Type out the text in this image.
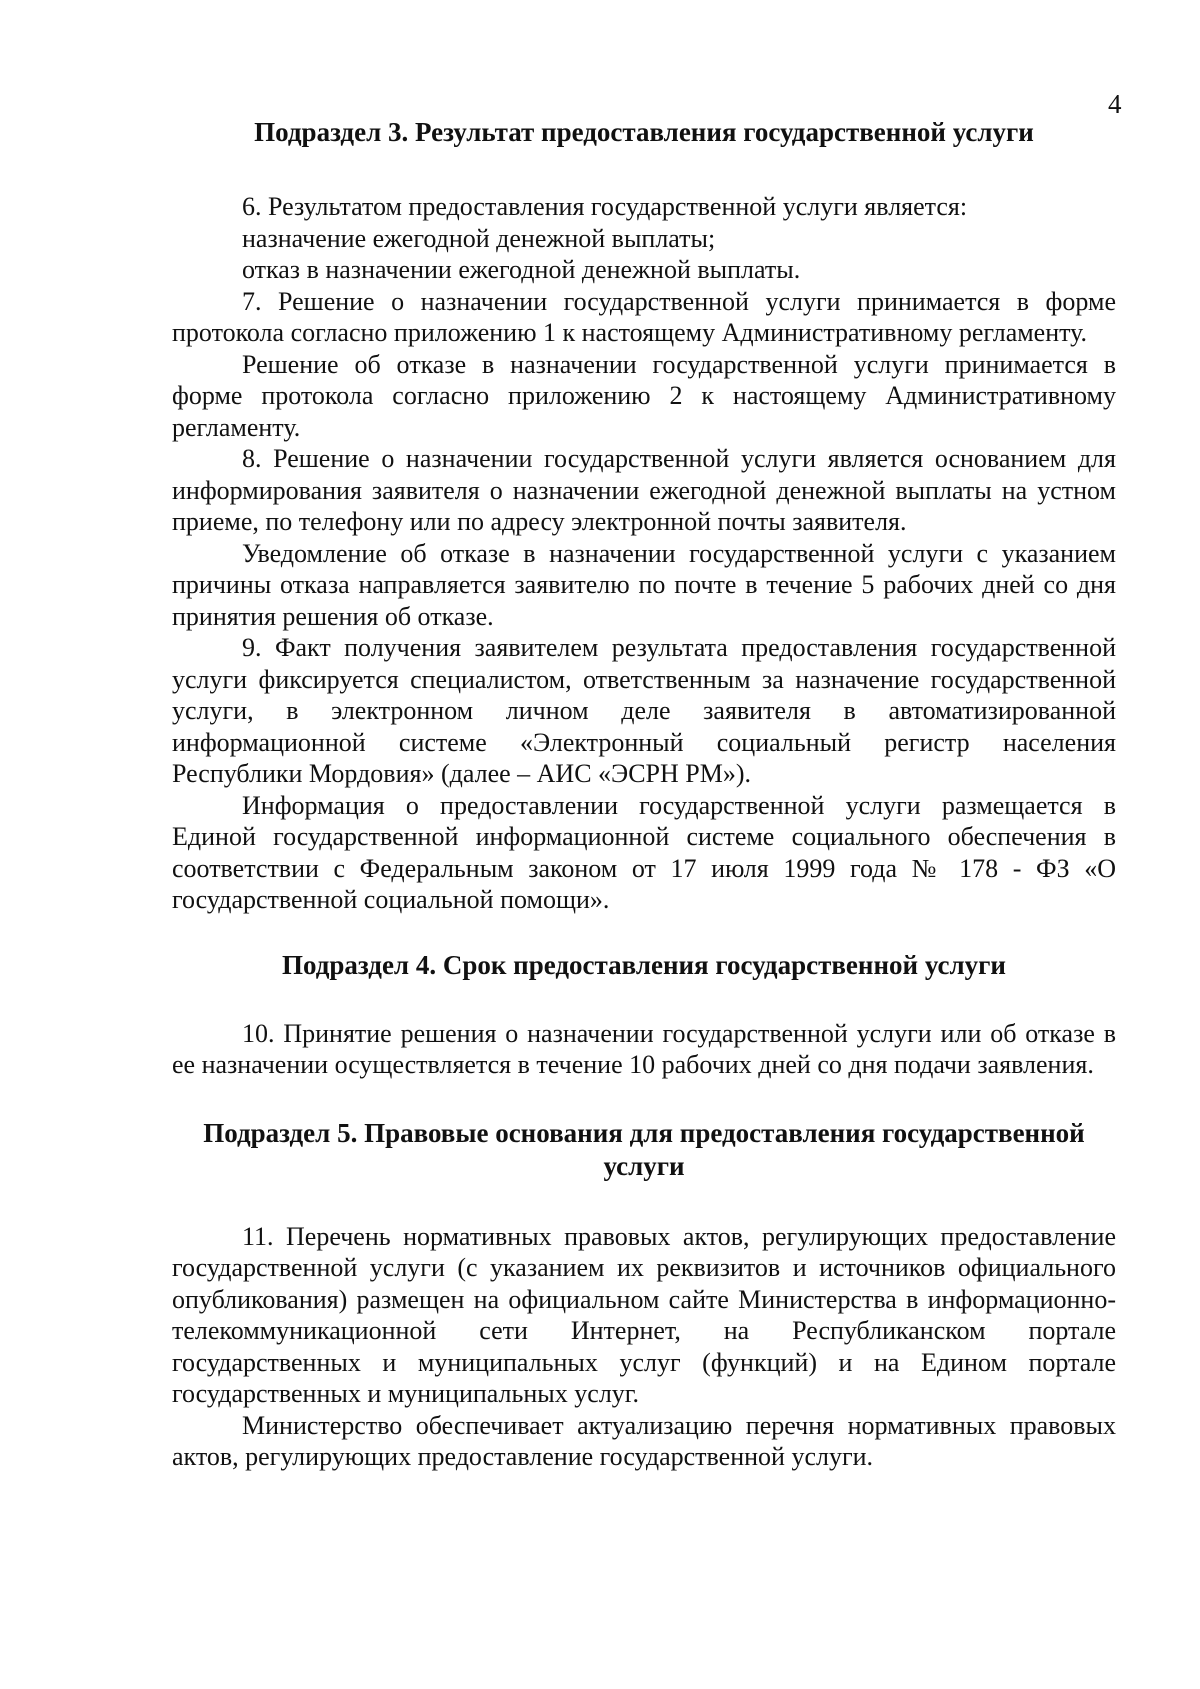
4
Подраздел 3. Результат предоставления государственной услуги

6. Результатом предоставления государственной услуги является:

назначение ежегодной денежной выплаты;

отказ в назначении ежегодной денежной выплаты.

7. Решение о назначении государственной услуги принимается в форме протокола согласно приложению 1 к настоящему Административному регламенту.

Решение об отказе в назначении государственной услуги принимается в форме протокола согласно приложению 2 к настоящему Административному регламенту.

8. Решение о назначении государственной услуги является основанием для информирования заявителя о назначении ежегодной денежной выплаты на устном приеме, по телефону или по адресу электронной почты заявителя.

Уведомление об отказе в назначении государственной услуги с указанием причины отказа направляется заявителю по почте в течение 5 рабочих дней со дня принятия решения об отказе.

9. Факт получения заявителем результата предоставления государственной услуги фиксируется специалистом, ответственным за назначение государственной услуги, в электронном личном деле заявителя в автоматизированной информационной системе «Электронный социальный регистр населения Республики Мордовия» (далее – АИС «ЭСРН РМ»).

Информация о предоставлении государственной услуги размещается в Единой государственной информационной системе социального обеспечения в соответствии с Федеральным законом от 17 июля 1999 года № 178 - ФЗ «О государственной социальной помощи».

Подраздел 4. Срок предоставления государственной услуги

10. Принятие решения о назначении государственной услуги или об отказе в ее назначении осуществляется в течение 10 рабочих дней со дня подачи заявления.

Подраздел 5. Правовые основания для предоставления государственной услуги

11. Перечень нормативных правовых актов, регулирующих предоставление государственной услуги (с указанием их реквизитов и источников официального опубликования) размещен на официальном сайте Министерства в информационно-телекоммуникационной сети Интернет, на Республиканском портале государственных и муниципальных услуг (функций) и на Едином портале государственных и муниципальных услуг.

Министерство обеспечивает актуализацию перечня нормативных правовых актов, регулирующих предоставление государственной услуги.
